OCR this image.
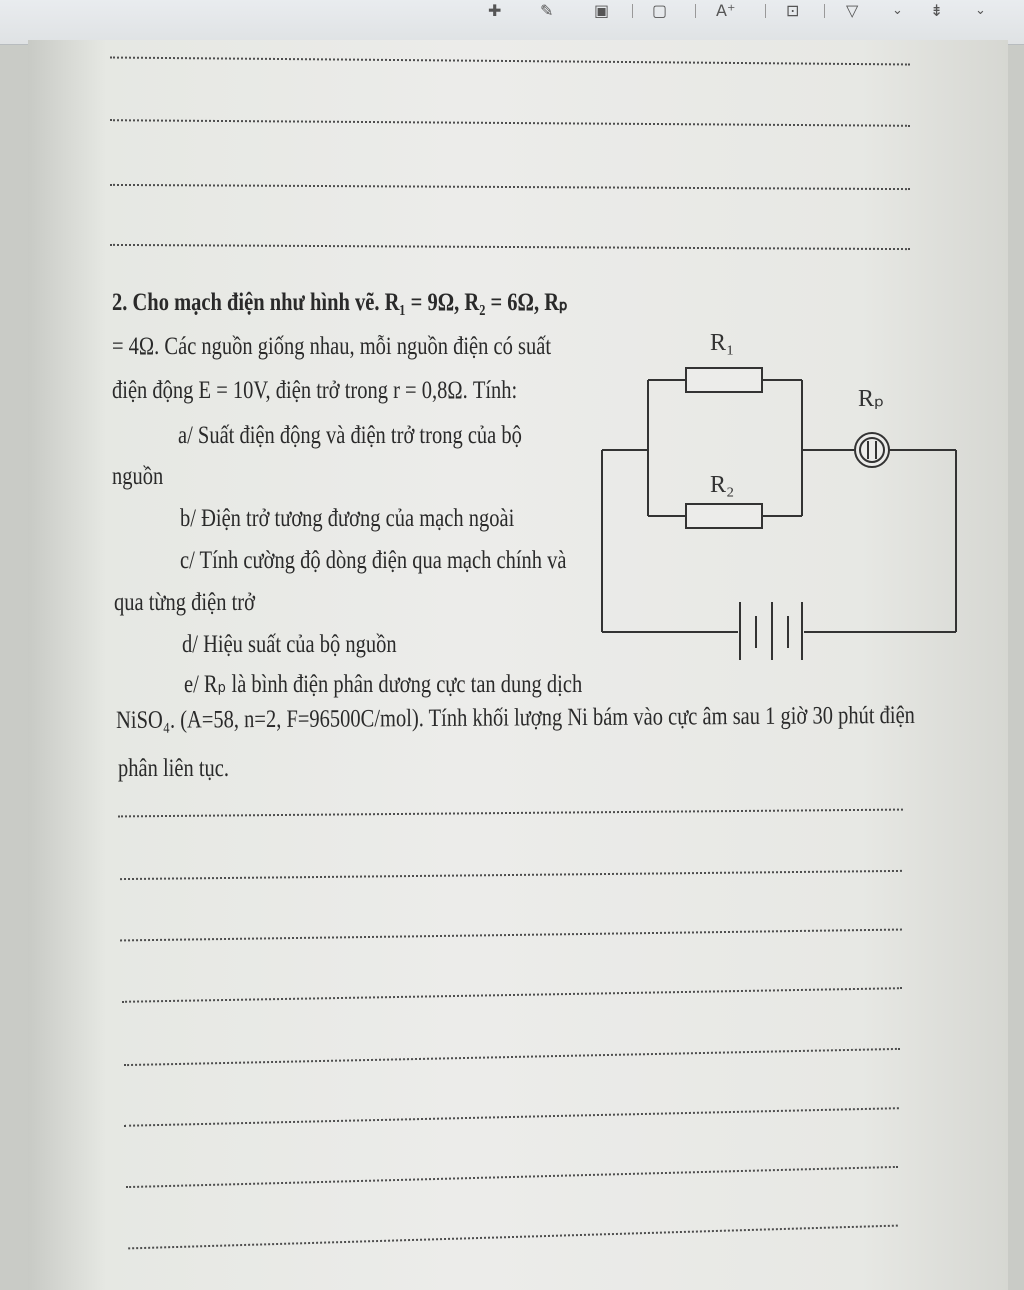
✚ ✎	▣	▢	A⁺	⊡	▽	⌄ ⇟ ⌄
2. Cho mạch điện như hình vẽ. R₁ = 9Ω, R₂ = 6Ω, Rₚ
= 4Ω. Các nguồn giống nhau, mỗi nguồn điện có suất
điện động E = 10V, điện trở trong r = 0,8Ω. Tính:
a/ Suất điện động và điện trở trong của bộ
nguồn
b/ Điện trở tương đương của mạch ngoài
c/ Tính cường độ dòng điện qua mạch chính và
qua từng điện trở
d/ Hiệu suất của bộ nguồn
e/ Rₚ là bình điện phân dương cực tan dung dịch
NiSO₄. (A=58, n=2, F=96500C/mol). Tính khối lượng Ni bám vào cực âm sau 1 giờ 30 phút điện
phân liên tục.
R₁
R₂
Rₚ
